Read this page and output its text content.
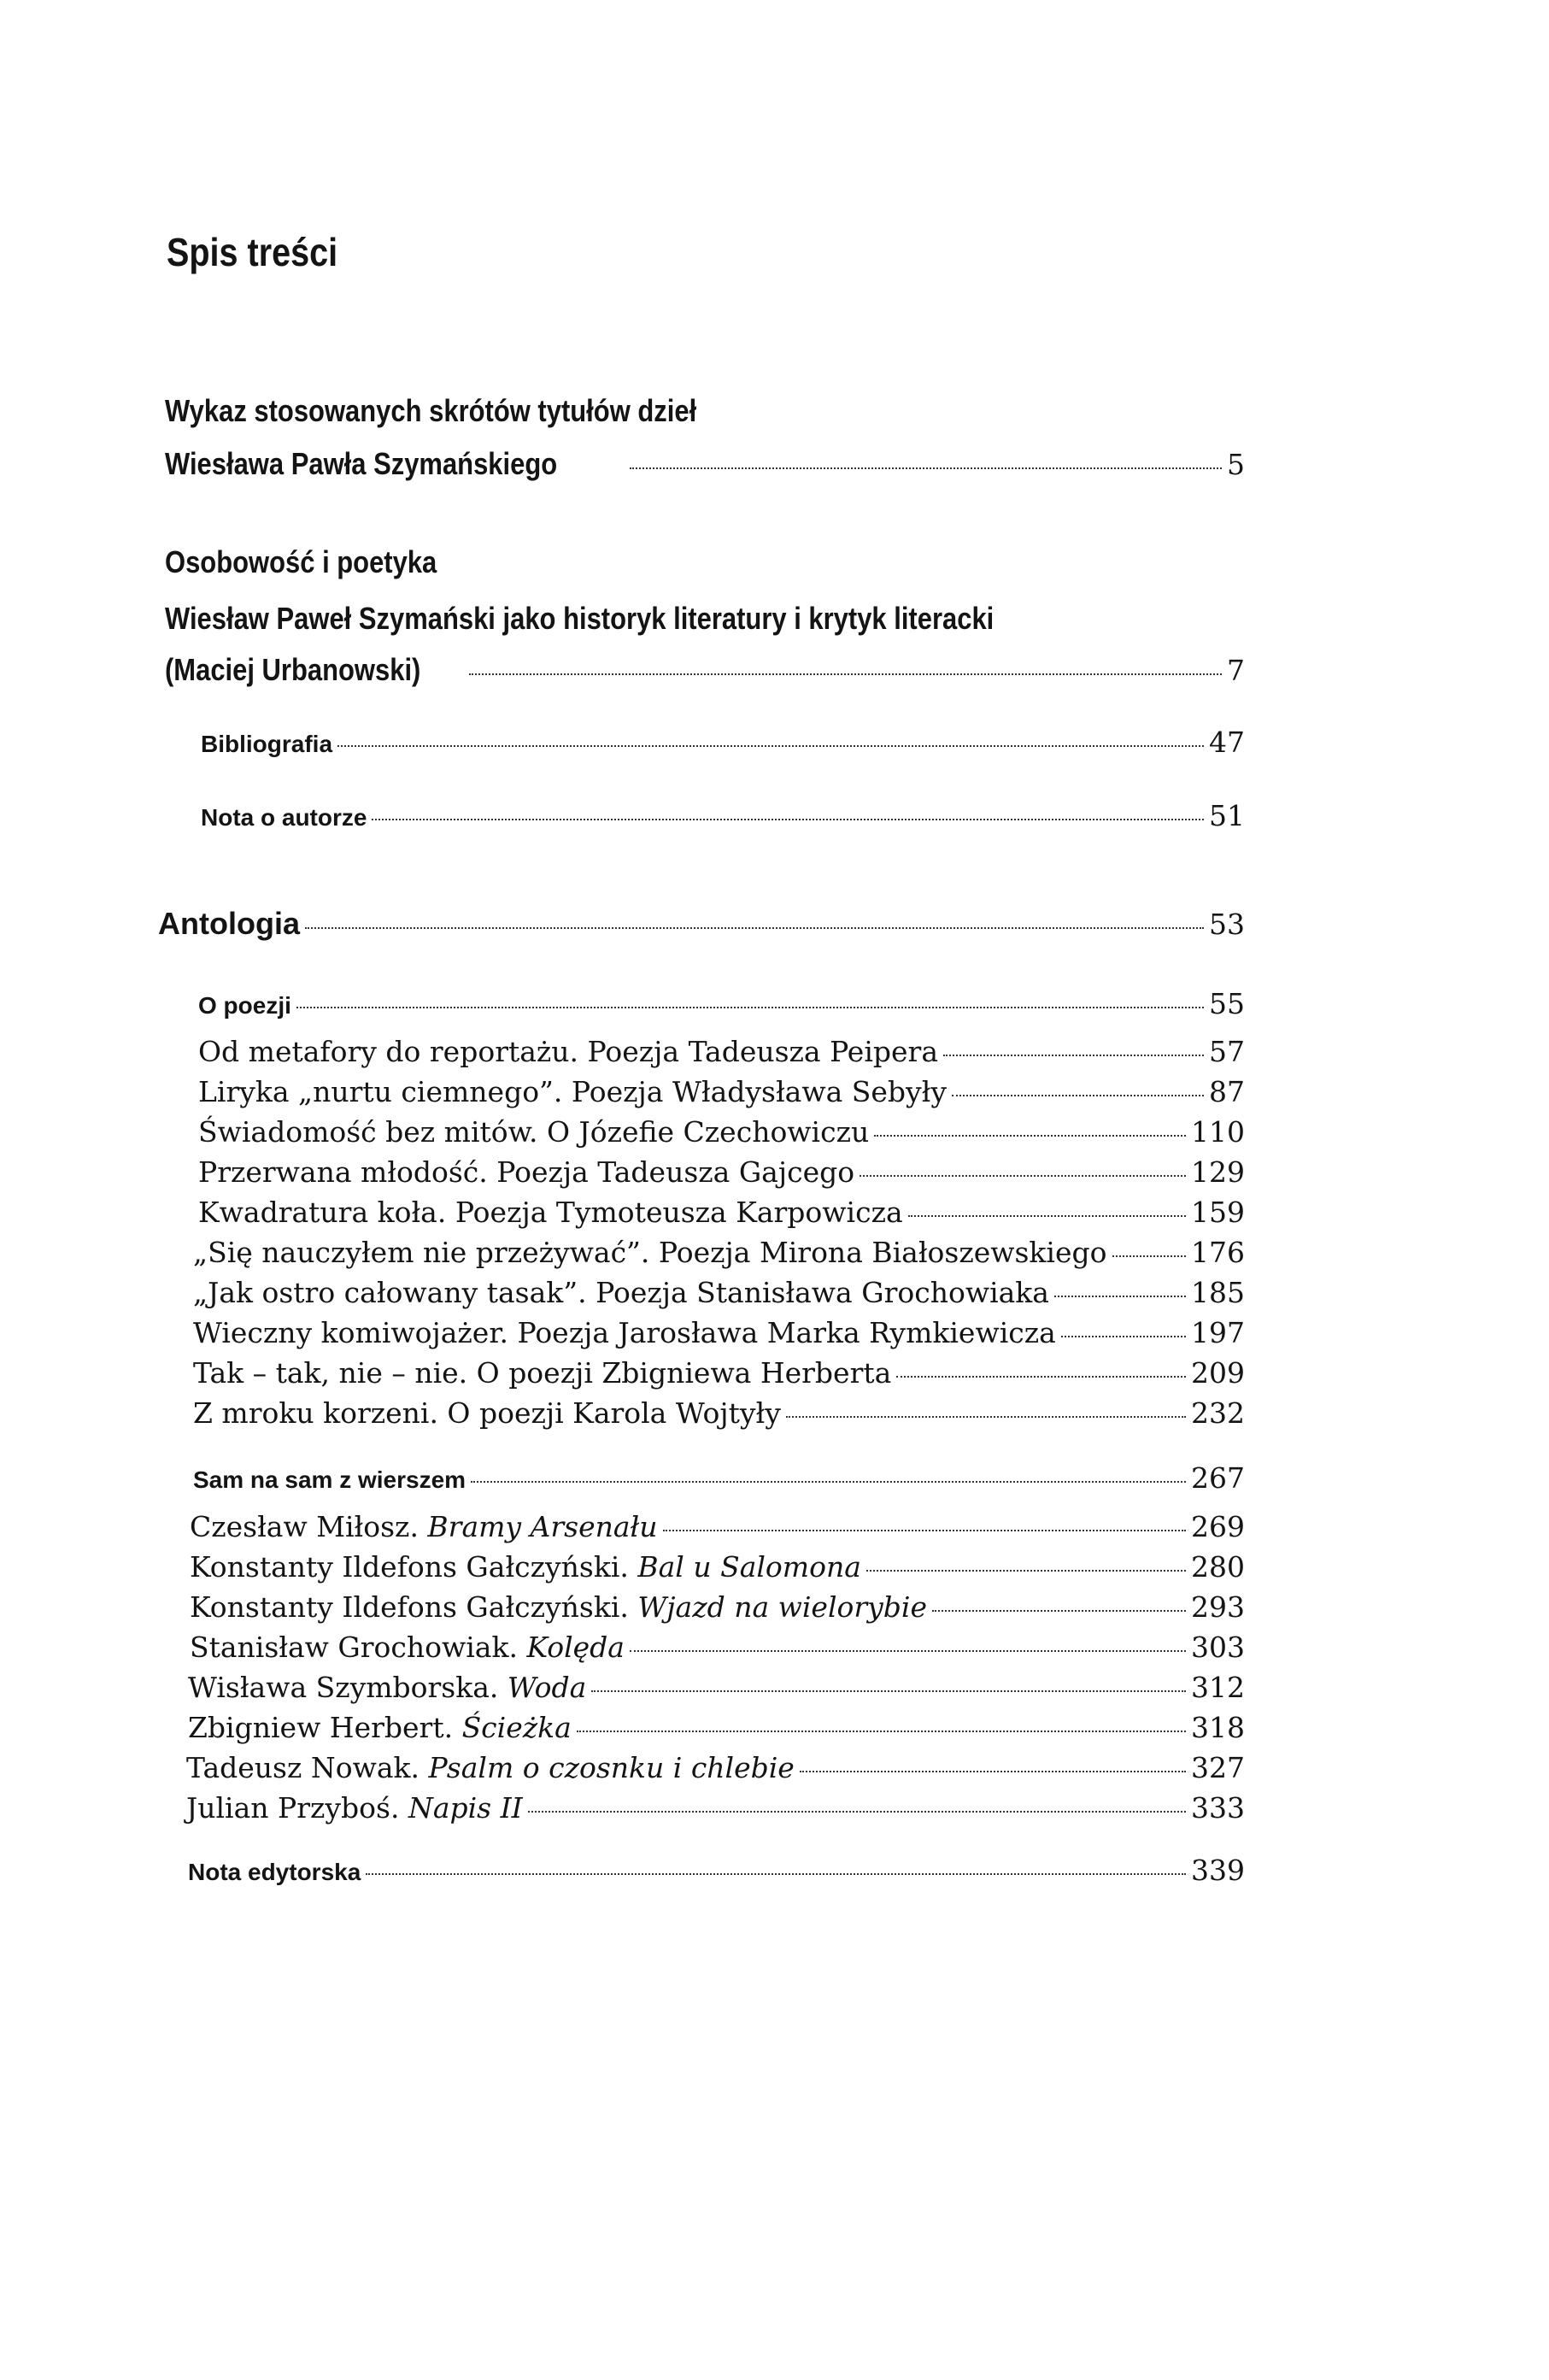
Spis treści
Wykaz stosowanych skrótów tytułów dzieł
Wiesława Pawła Szymańskiego	5
Osobowość i poetyka
Wiesław Paweł Szymański jako historyk literatury i krytyk literacki
(Maciej Urbanowski)	7
Bibliografia	47
Nota o autorze	51
Antologia	53
O poezji	55
Od metafory do reportażu. Poezja Tadeusza Peipera	57
Liryka „nurtu ciemnego”. Poezja Władysława Sebyły	87
Świadomość bez mitów. O Józefie Czechowiczu	110
Przerwana młodość. Poezja Tadeusza Gajcego	129
Kwadratura koła. Poezja Tymoteusza Karpowicza	159
„Się nauczyłem nie przeżywać”. Poezja Mirona Białoszewskiego	176
„Jak ostro całowany tasak”. Poezja Stanisława Grochowiaka	185
Wieczny komiwojażer. Poezja Jarosława Marka Rymkiewicza	197
Tak – tak, nie – nie. O poezji Zbigniewa Herberta	209
Z mroku korzeni. O poezji Karola Wojtyły	232
Sam na sam z wierszem	267
Czesław Miłosz. Bramy Arsenału	269
Konstanty Ildefons Gałczyński. Bal u Salomona	280
Konstanty Ildefons Gałczyński. Wjazd na wielorybie	293
Stanisław Grochowiak. Kolęda	303
Wisława Szymborska. Woda	312
Zbigniew Herbert. Ścieżka	318
Tadeusz Nowak. Psalm o czosnku i chlebie	327
Julian Przyboś. Napis II	333
Nota edytorska	339
